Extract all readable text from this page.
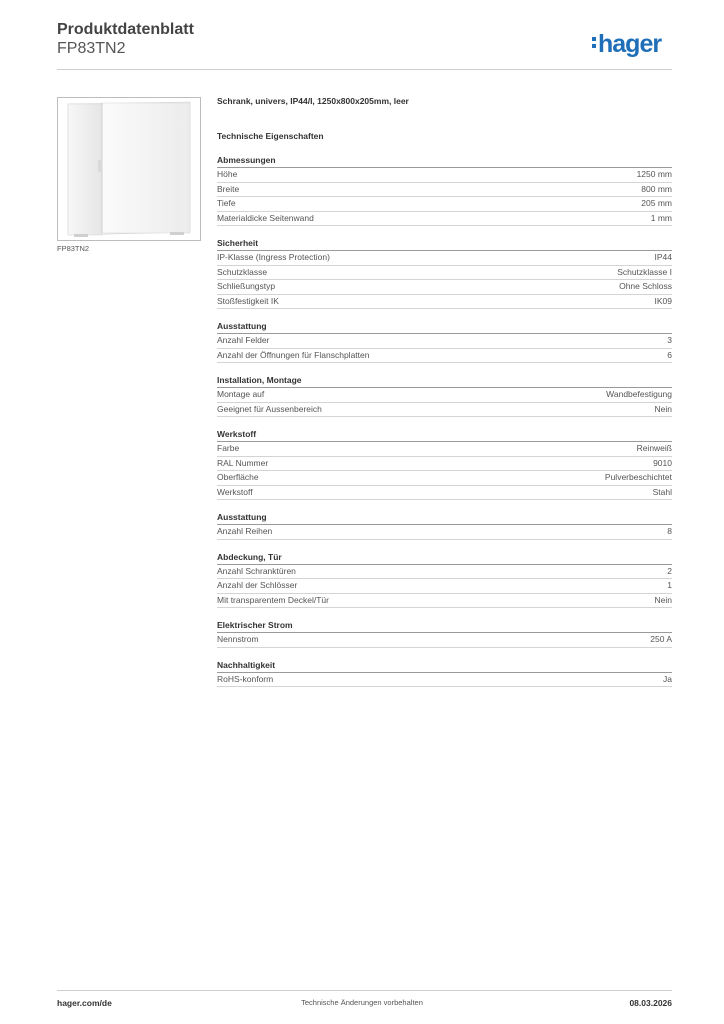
Produktdatenblatt
FP83TN2	hager
FP83TN2
Schrank, univers, IP44/I, 1250x800x205mm, leer
Technische Eigenschaften
Abmessungen
Höhe	1250 mm
Breite	800 mm
Tiefe	205 mm
Materialdicke Seitenwand	1 mm
Sicherheit
IP-Klasse (Ingress Protection)	IP44
Schutzklasse	Schutzklasse I
Schließungstyp	Ohne Schloss
Stoßfestigkeit IK	IK09
Ausstattung
Anzahl Felder	3
Anzahl der Öffnungen für Flanschplatten	6
Installation, Montage
Montage auf	Wandbefestigung
Geeignet für Aussenbereich	Nein
Werkstoff
Farbe	Reinweiß
RAL Nummer	9010
Oberfläche	Pulverbeschichtet
Werkstoff	Stahl
Ausstattung
Anzahl Reihen	8
Abdeckung, Tür
Anzahl Schranktüren	2
Anzahl der Schlösser	1
Mit transparentem Deckel/Tür	Nein
Elektrischer Strom
Nennstrom	250 A
Nachhaltigkeit
RoHS-konform	Ja
hager.com/de	Technische Änderungen vorbehalten	08.03.2026
